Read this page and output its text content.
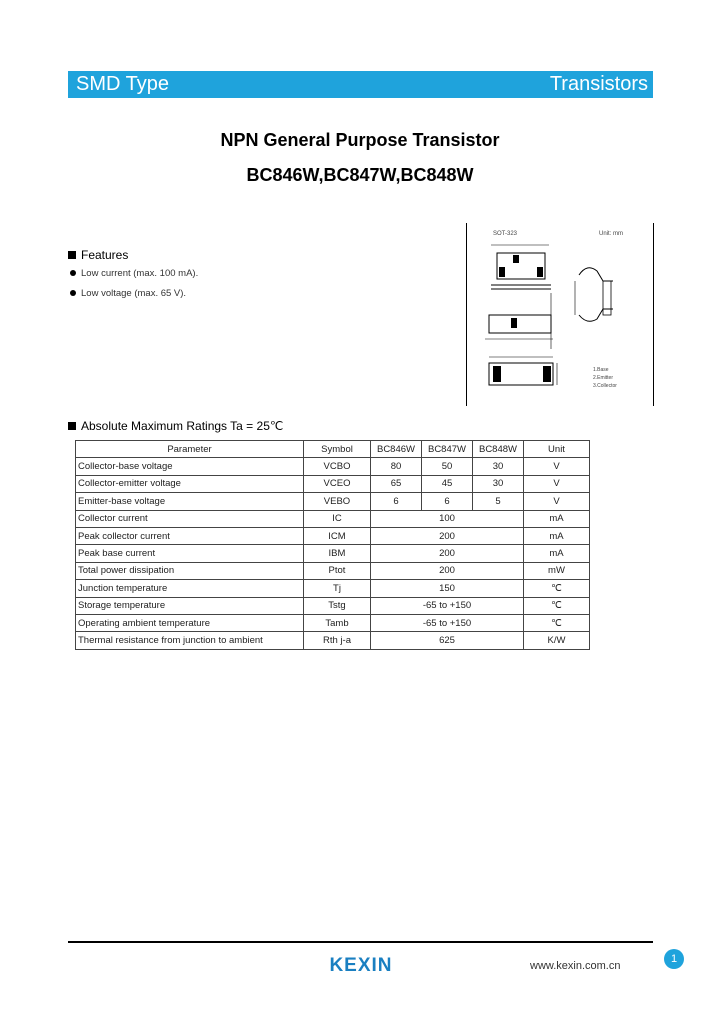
SMD Type	Transistors
NPN General Purpose Transistor
BC846W,BC847W,BC848W
Features
Low current (max. 100 mA).
Low voltage (max. 65 V).
SOT-323	Unit: mm
1.Base
2.Emitter
3.Collector
Absolute Maximum Ratings Ta = 25℃
Parameter	Symbol	BC846W	BC847W	BC848W	Unit
Collector-base voltage	VCBO	80	50	30	V
Collector-emitter voltage	VCEO	65	45	30	V
Emitter-base voltage	VEBO	6	6	5	V
Collector current	IC	100			mA
Peak collector current	ICM	200			mA
Peak base current	IBM	200			mA
Total power dissipation	Ptot	200			mW
Junction temperature	Tj	150			℃
Storage temperature	Tstg	-65 to +150			℃
Operating ambient temperature	Tamb	-65 to +150			℃
Thermal resistance from junction to ambient	Rth j-a	625			K/W
KEXIN	www.kexin.com.cn
1
